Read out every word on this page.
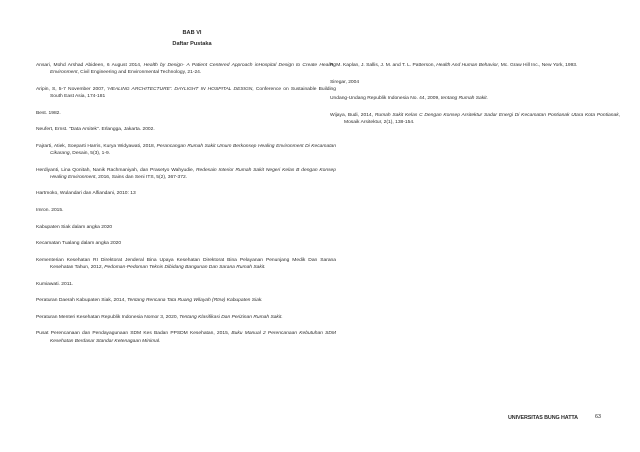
BAB VI
Daftar Pustaka

Ansari, Mohd Arshad Abideen, 6 August 2014, Health by Design- A Patient Centered Approach inHospital Design to Create Healing Environment, Civil Engineering and Environmental Technology, 21-24.

Aripin, S, 5-7 November 2007, 'HEALING ARCHITECTURE': DAYLIGHT IN HOSPITAL DESIGN, Conference on Sustainable Building South East Asia, 174-181

Best. 1982.

Neufert, Ernst. "Data Arsitek". Erlangga, Jakarta. 2002.

Fajrarti, Atiek, Soeparti Harris, Kurya Widyawati, 2018, Perancangan Rumah Sakit Umum Berkonsep Healing Environment Di Kecamatan Cikarang, Desain, 5(3), 1-9.

Herdiyanti, Lina Qonitah, Nanik Rachmaniyah, dan Prasetyo Wahyudie, Redesain Interior Rumah Sakit Negeri Kelas B dengan Konsep Healing Environment, 2016, Sains dan Seni ITS, 5(2), 367-372.

Hartmoko, Wulandari dan Alfiandani, 2010: 13

Imron. 2015.

Kabupaten Siak dalam angka 2020

Kecamatan Tualang dalam angka 2020

Kementerian Kesehatan RI Direktorat Jenderal Bina Upaya Kesehatan Direktorat Bina Pelayanan Penunjang Medik Dan Sarana Kesehatan Tahun, 2012, Pedoman-Pedoman Teknis Dibidang Bangunan Dan Sarana Rumah Sakit.

Kumiawati. 2011.

Peraturan Daerah Kabupaten Siak, 2014, Tentang Rencana Tata Ruang Wilayah (Rtrw) Kabupaten Siak.

Peraturan Menteri Kesehatan Republik Indonesia Nomor 3, 2020, Tentang Klasifikasi Dan Perizinan Rumah Sakit.

Pusat Perencanaan dan Pendayagunaan SDM Kes Badan PPSDM Kesehatan, 2015, Buku Manual 2 Perencanaan Kebutuhan SDM Kesehatan Berdasar Standar Ketenagaan Minimal.

R. M. Kaplan, J. Sallis, J. M. and T. L. Patterson, Health And Human Behavior, Mc. Graw Hill Inc., New York, 1993.

Siregar, 2004

Undang-Undang Republik Indonesia No. 44, 2009, tentang Rumah Sakit.

Wijaya, Budi, 2014, Rumah Sakit Kelas C Dengan Konsep Arsitektur Sadar Energi Di Kecamatan Pontianak Utara Kota Pontianak, Mosaik Arsitektur, 2(1), 138-154.

UNIVERSITAS BUNG HATTA	63
